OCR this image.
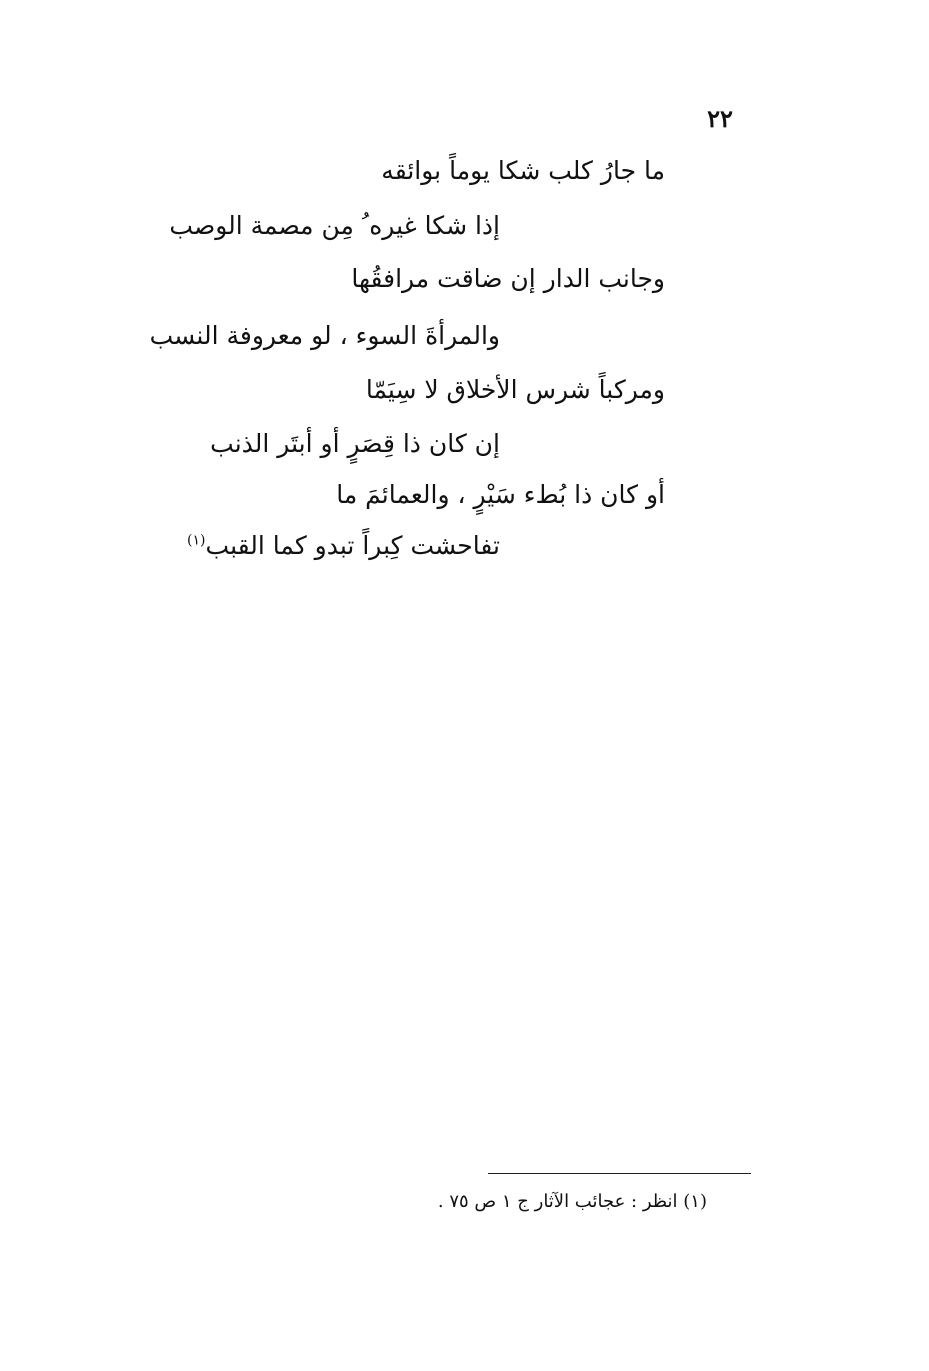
٢٢
ما جارُ كلب شكا يوماً بوائقه
إذا شكا غيره ُ مِن مصمة الوصب
وجانب الدار إن ضاقت مرافقُها
والمرأةَ السوء ، لو معروفة النسب
ومركباً شرس الأخلاق لا سِيَمّا
إن كان ذا قِصَرٍ أو أبتَر الذنب
أو كان ذا بُطء سَيْرٍ ، والعمائمَ ما
تفاحشت كِبراً تبدو كما القبب$^{(١)}$
(١) انظر : عجائب الآثار ج ١ ص ٧٥ .
